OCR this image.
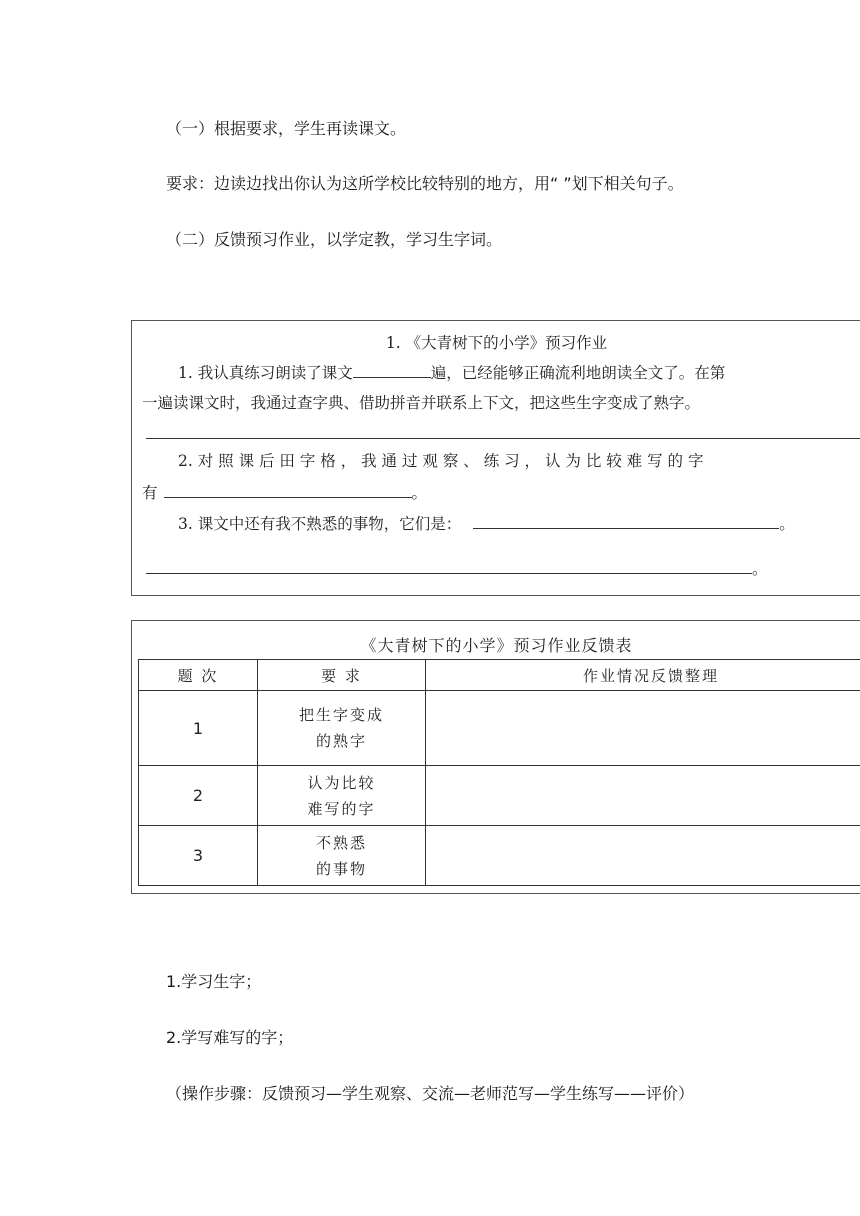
（一）根据要求，学生再读课文。
要求：边读边找出你认为这所学校比较特别的地方，用“ ”划下相关句子。
（二）反馈预习作业，以学定教，学习生字词。
1. 《大青树下的小学》预习作业
1. 我认真练习朗读了课文	遍，已经能够正确流利地朗读全文了。在第
一遍读课文时，我通过查字典、借助拼音并联系上下文，把这些生字变成了熟字。
2. 对 照 课 后 田 字 格 ， 我 通 过 观 察 、 练 习 ， 认 为 比 较 难 写 的 字
有	。
3. 课文中还有我不熟悉的事物，它们是：	。
。
《大青树下的小学》预习作业反馈表
题 次	要 求	作业情况反馈整理
1	把生字变成
的熟字	
2	认为比较
难写的字	
3	不熟悉
的事物	
1.学习生字；
2.学写难写的字；
（操作步骤：反馈预习—学生观察、交流—老师范写—学生练写——评价）
